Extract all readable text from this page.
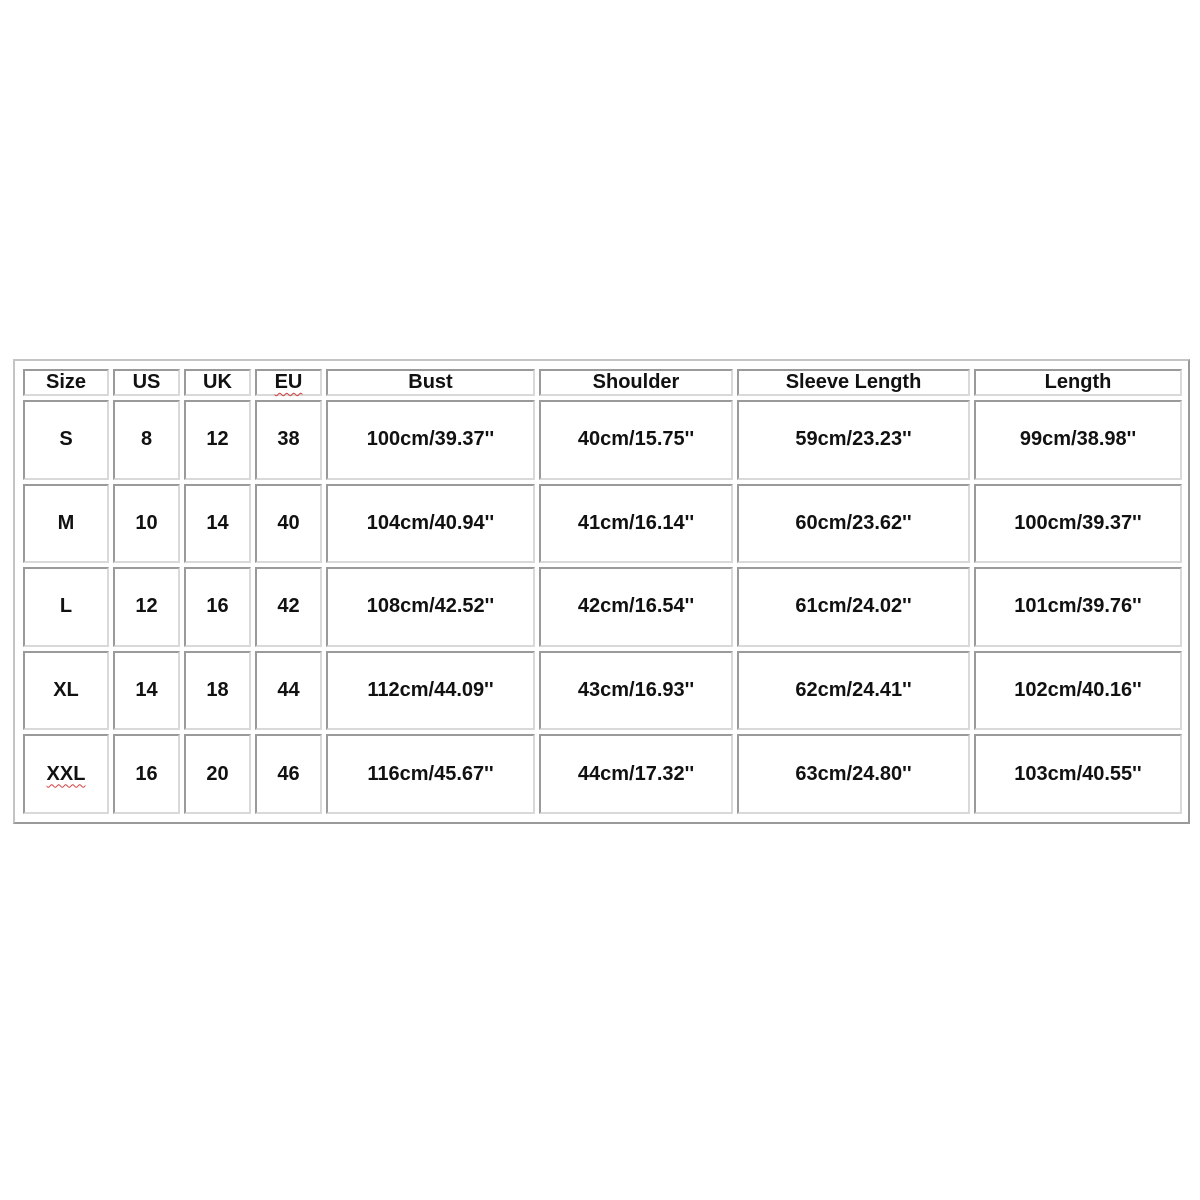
Size	US	UK	EU	Bust	Shoulder	Sleeve Length	Length
S	8	12	38	100cm/39.37''	40cm/15.75''	59cm/23.23''	99cm/38.98''
M	10	14	40	104cm/40.94''	41cm/16.14''	60cm/23.62''	100cm/39.37''
L	12	16	42	108cm/42.52''	42cm/16.54''	61cm/24.02''	101cm/39.76''
XL	14	18	44	112cm/44.09''	43cm/16.93''	62cm/24.41''	102cm/40.16''
XXL	16	20	46	116cm/45.67''	44cm/17.32''	63cm/24.80''	103cm/40.55''
